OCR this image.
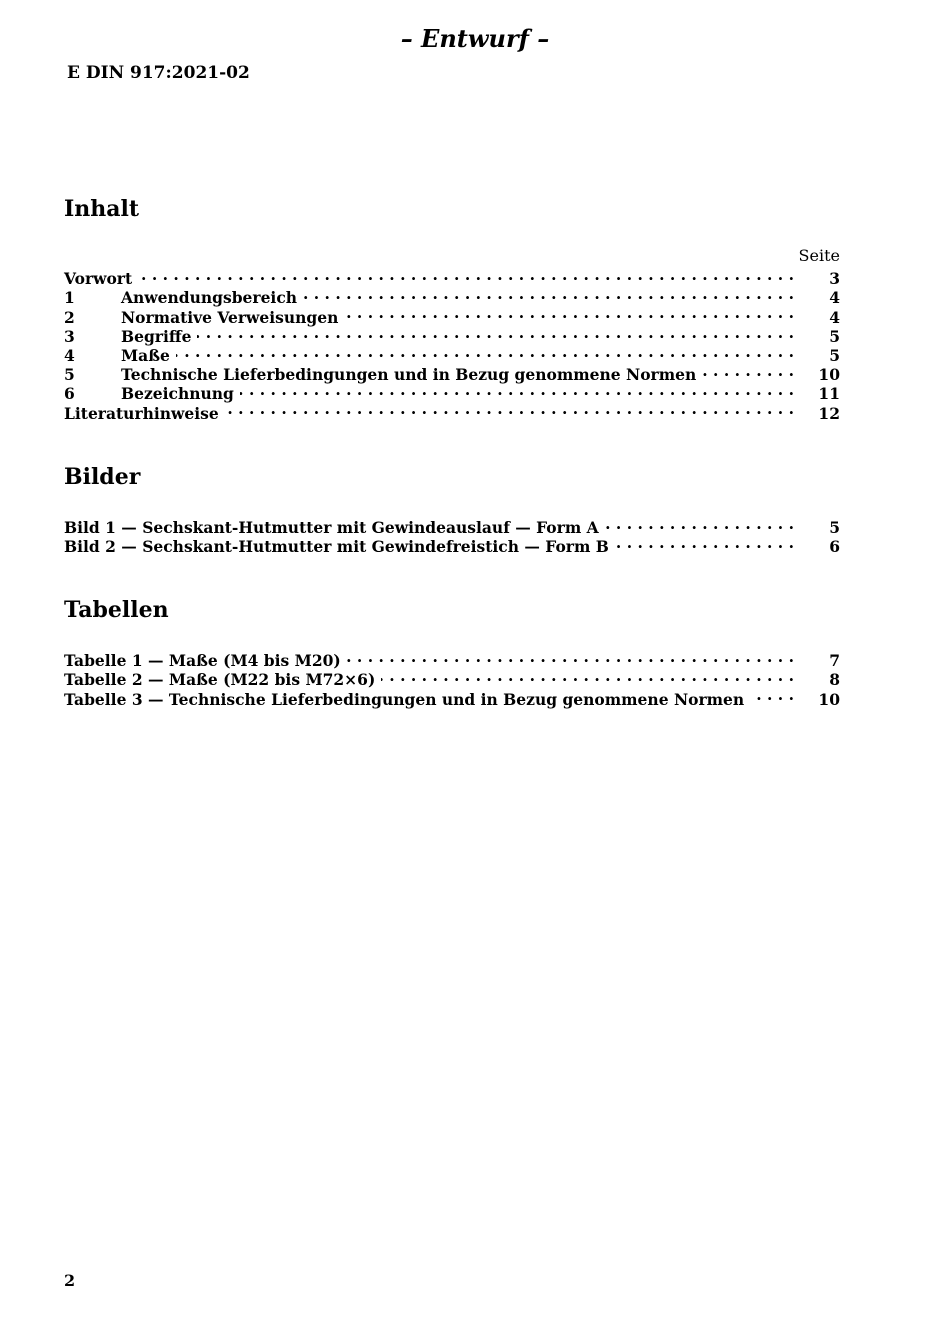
– Entwurf –
E DIN 917:2021-02
Inhalt
Seite
Vorwort . . .	3
1	Anwendungsbereich . . .	4
2	Normative Verweisungen . . .	4
3	Begriffe . . .	5
4	Maße . . .	5
5	Technische Lieferbedingungen und in Bezug genommene Normen . . .	10
6	Bezeichnung . . .	11
Literaturhinweise . . .	12
Bilder
Bild 1 — Sechskant-Hutmutter mit Gewindeauslauf — Form A . . .	5
Bild 2 — Sechskant-Hutmutter mit Gewindefreistich — Form B . . .	6
Tabellen
Tabelle 1 — Maße (M4 bis M20) . . .	7
Tabelle 2 — Maße (M22 bis M72×6) . . .	8
Tabelle 3 — Technische Lieferbedingungen und in Bezug genommene Normen . . .	10
2
